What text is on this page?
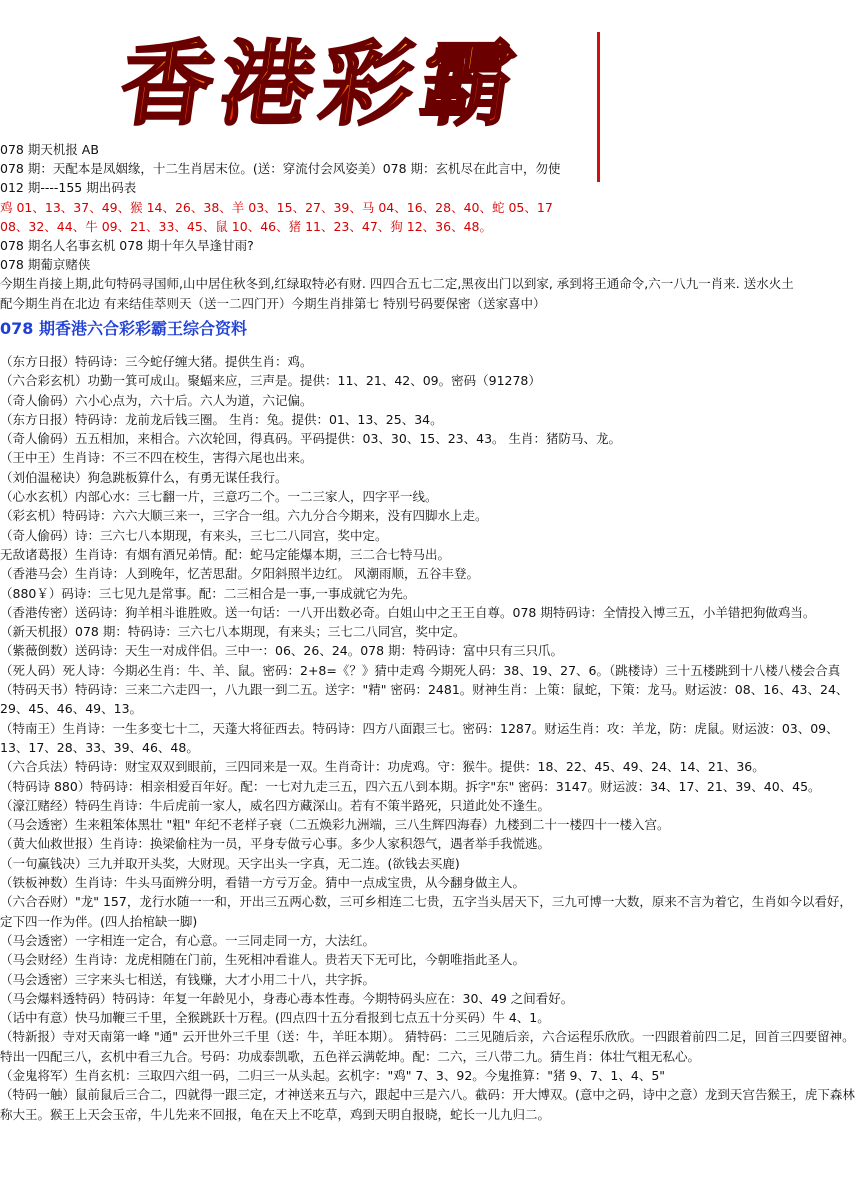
香港彩霸
078 期天机报 AB
078 期：天配本是凤姻缘，十二生肖居末位。(送：穿流付会风姿美）078 期：玄机尽在此言中，勿使
012 期----155 期出码表
鸡 01、13、37、49、猴 14、26、38、羊 03、15、27、39、马 04、16、28、40、蛇 05、17
08、32、44、牛 09、21、33、45、鼠 10、46、猪 11、23、47、狗 12、36、48。
078 期名人名事玄机 078 期十年久旱逢甘雨?
078 期葡京赌侠
今期生肖接上期,此句特码寻国师,山中居住秋冬到,红绿取特必有财. 四四合五七二定,黑夜出门以到家, 承到将王通命令,六一八九一肖来. 送水火土
配今期生肖在北边 有来结佳萃则天（送一二四门开）今期生肖排第七 特别号码要保密（送家喜中）
078 期香港六合彩彩霸王综合资料
（东方日报）特码诗：三今蛇仔缠大猪。提供生肖：鸡。
（六合彩玄机）功勤一箕可成山。聚蝠来应，三声是。提供：11、21、42、09。密码（91278）
（奇人偷码）六小心点为，六十后。六人为道，六记偏。
（东方日报）特码诗：龙前龙后钱三圈。 生肖：兔。提供：01、13、25、34。
（奇人偷码）五五相加，来相合。六次轮回，得真码。平码提供：03、30、15、23、43。 生肖：猪防马、龙。
（王中王）生肖诗：不三不四在校生，害得六尾也出来。
（刘伯温秘诀）狗急跳板算什么，有勇无谋任我行。
（心水玄机）内部心水：三七翻一片，三意巧二个。一二三家人，四字平一线。
（彩玄机）特码诗：六六大顺三来一，三字合一组。六九分合今期来，没有四脚水上走。
（奇人偷码）诗：三六七八本期现，有来头，三七二八同宫，奖中定。
无敌诸葛报）生肖诗：有烟有酒兄弟情。配：蛇马定能爆本期，三二合七特马出。
（香港马会）生肖诗：人到晚年，忆苦思甜。夕阳斜照半边红。 风潮雨顺，五谷丰登。
（880￥）码诗：三七见九是常事。配：二三相合是一事,一事成就它为先。
（香港传密）送码诗：狗羊相斗谁胜败。送一句话：一八开出数必奇。白姐山中之王王自尊。078 期特码诗：全情投入博三五，小羊错把狗做鸡当。
（新天机报）078 期：特码诗：三六七八本期现，有来头；三七二八同宫，奖中定。
（紫薇倒数）送码诗：天生一对成伴侣。三中一：06、26、24。078 期：特码诗：富中只有三只爪。
（死人码）死人诗：今期必生肖：牛、羊、鼠。密码：2+8=《？》猜中走鸡 今期死人码：38、19、27、6。（跳楼诗）三十五楼跳到十八楼八楼会合真
（特码天书）特码诗：三来二六走四一，八九跟一到二五。送字："精" 密码：2481。财神生肖：上策：鼠蛇，下策：龙马。财运波：08、16、43、24、29、45、46、49、13。
（特南王）生肖诗：一生多变七十二，天蓬大将征西去。特码诗：四方八面跟三七。密码：1287。财运生肖：攻：羊龙，防：虎鼠。财运波：03、09、13、17、28、33、39、46、48。
（六合兵法）特码诗：财宝双双到眼前，三四同来是一双。生肖奇计：功虎鸡。守：猴牛。提供：18、22、45、49、24、14、21、36。
（特码诗 880）特码诗：相亲相爱百年好。配：一七对九走三五，四六五八到本期。拆字"东" 密码：3147。财运波：34、17、21、39、40、45。
（濠江赌经）特码生肖诗：牛后虎前一家人，威名四方藏深山。若有不策半路死，只道此处不逢生。
（马会透密）生来粗笨体黑壮 "粗" 年纪不老样子衰（二五焕彩九洲端，三八生辉四海春）九楼到二十一楼四十一楼入宫。
（黄大仙救世报）生肖诗：换梁偷柱为一员，平身专做亏心事。多少人家积怨气，遇者举手我慌逃。
（一句赢钱决）三九并取开头奖，大财现。天字出头一字真，无二连。(欲钱去买鹿)
（铁板神数）生肖诗：牛头马面辨分明，看错一方亏万金。猜中一点成宝贵，从今翻身做主人。
（六合吞财）"龙" 157，龙行水随一一和，开出三五两心数，三可乡相连二七贵，五字当头居天下，三九可博一大数，原来不言为着它，生肖如今以看好，定下四一作为伴。(四人抬棺缺一脚)
（马会透密）一字相连一定合，有心意。一三同走同一方，大法红。
（马会财经）生肖诗：龙虎相随在门前，生死相冲看谁人。贵若天下无可比，今朝唯指此圣人。
（马会透密）三字来头七相送，有钱赚，大才小用二十八，共字拆。
（马会爆料透特码）特码诗：年复一年龄见小，身毒心毒本性毒。今期特码头应在：30、49 之间看好。
（话中有意）快马加鞭三千里，全猴跳跃十万程。(四点四十五分看报到七点五十分买码）牛 4、1。
（特新报）寺对天南第一峰 "通" 云开世外三千里（送：牛，羊旺本期）。 猜特码：二三见随后亲，六合运程乐欣欣。一四跟着前四二足，回首三四要留神。特出一四配三八，玄机中看三九合。号码：功成泰凯歌，五色祥云满乾坤。配：二六，三八带二九。猜生肖：体壮气粗无私心。
（金鬼将军）生肖玄机：三取四六组一码，二归三一从头起。玄机字："鸡" 7、3、92。今鬼推算："猪 9、7、1、4、5"
（特码一触）鼠前鼠后三合二，四就得一跟三定，才神送来五与六，跟起中三是六八。截码：开大博双。(意中之码，诗中之意）龙到天宫告猴王，虎下森林称大王。猴王上天会玉帝，牛儿先来不回报，龟在天上不吃草，鸡到天明自报晓，蛇长一儿九归二。
